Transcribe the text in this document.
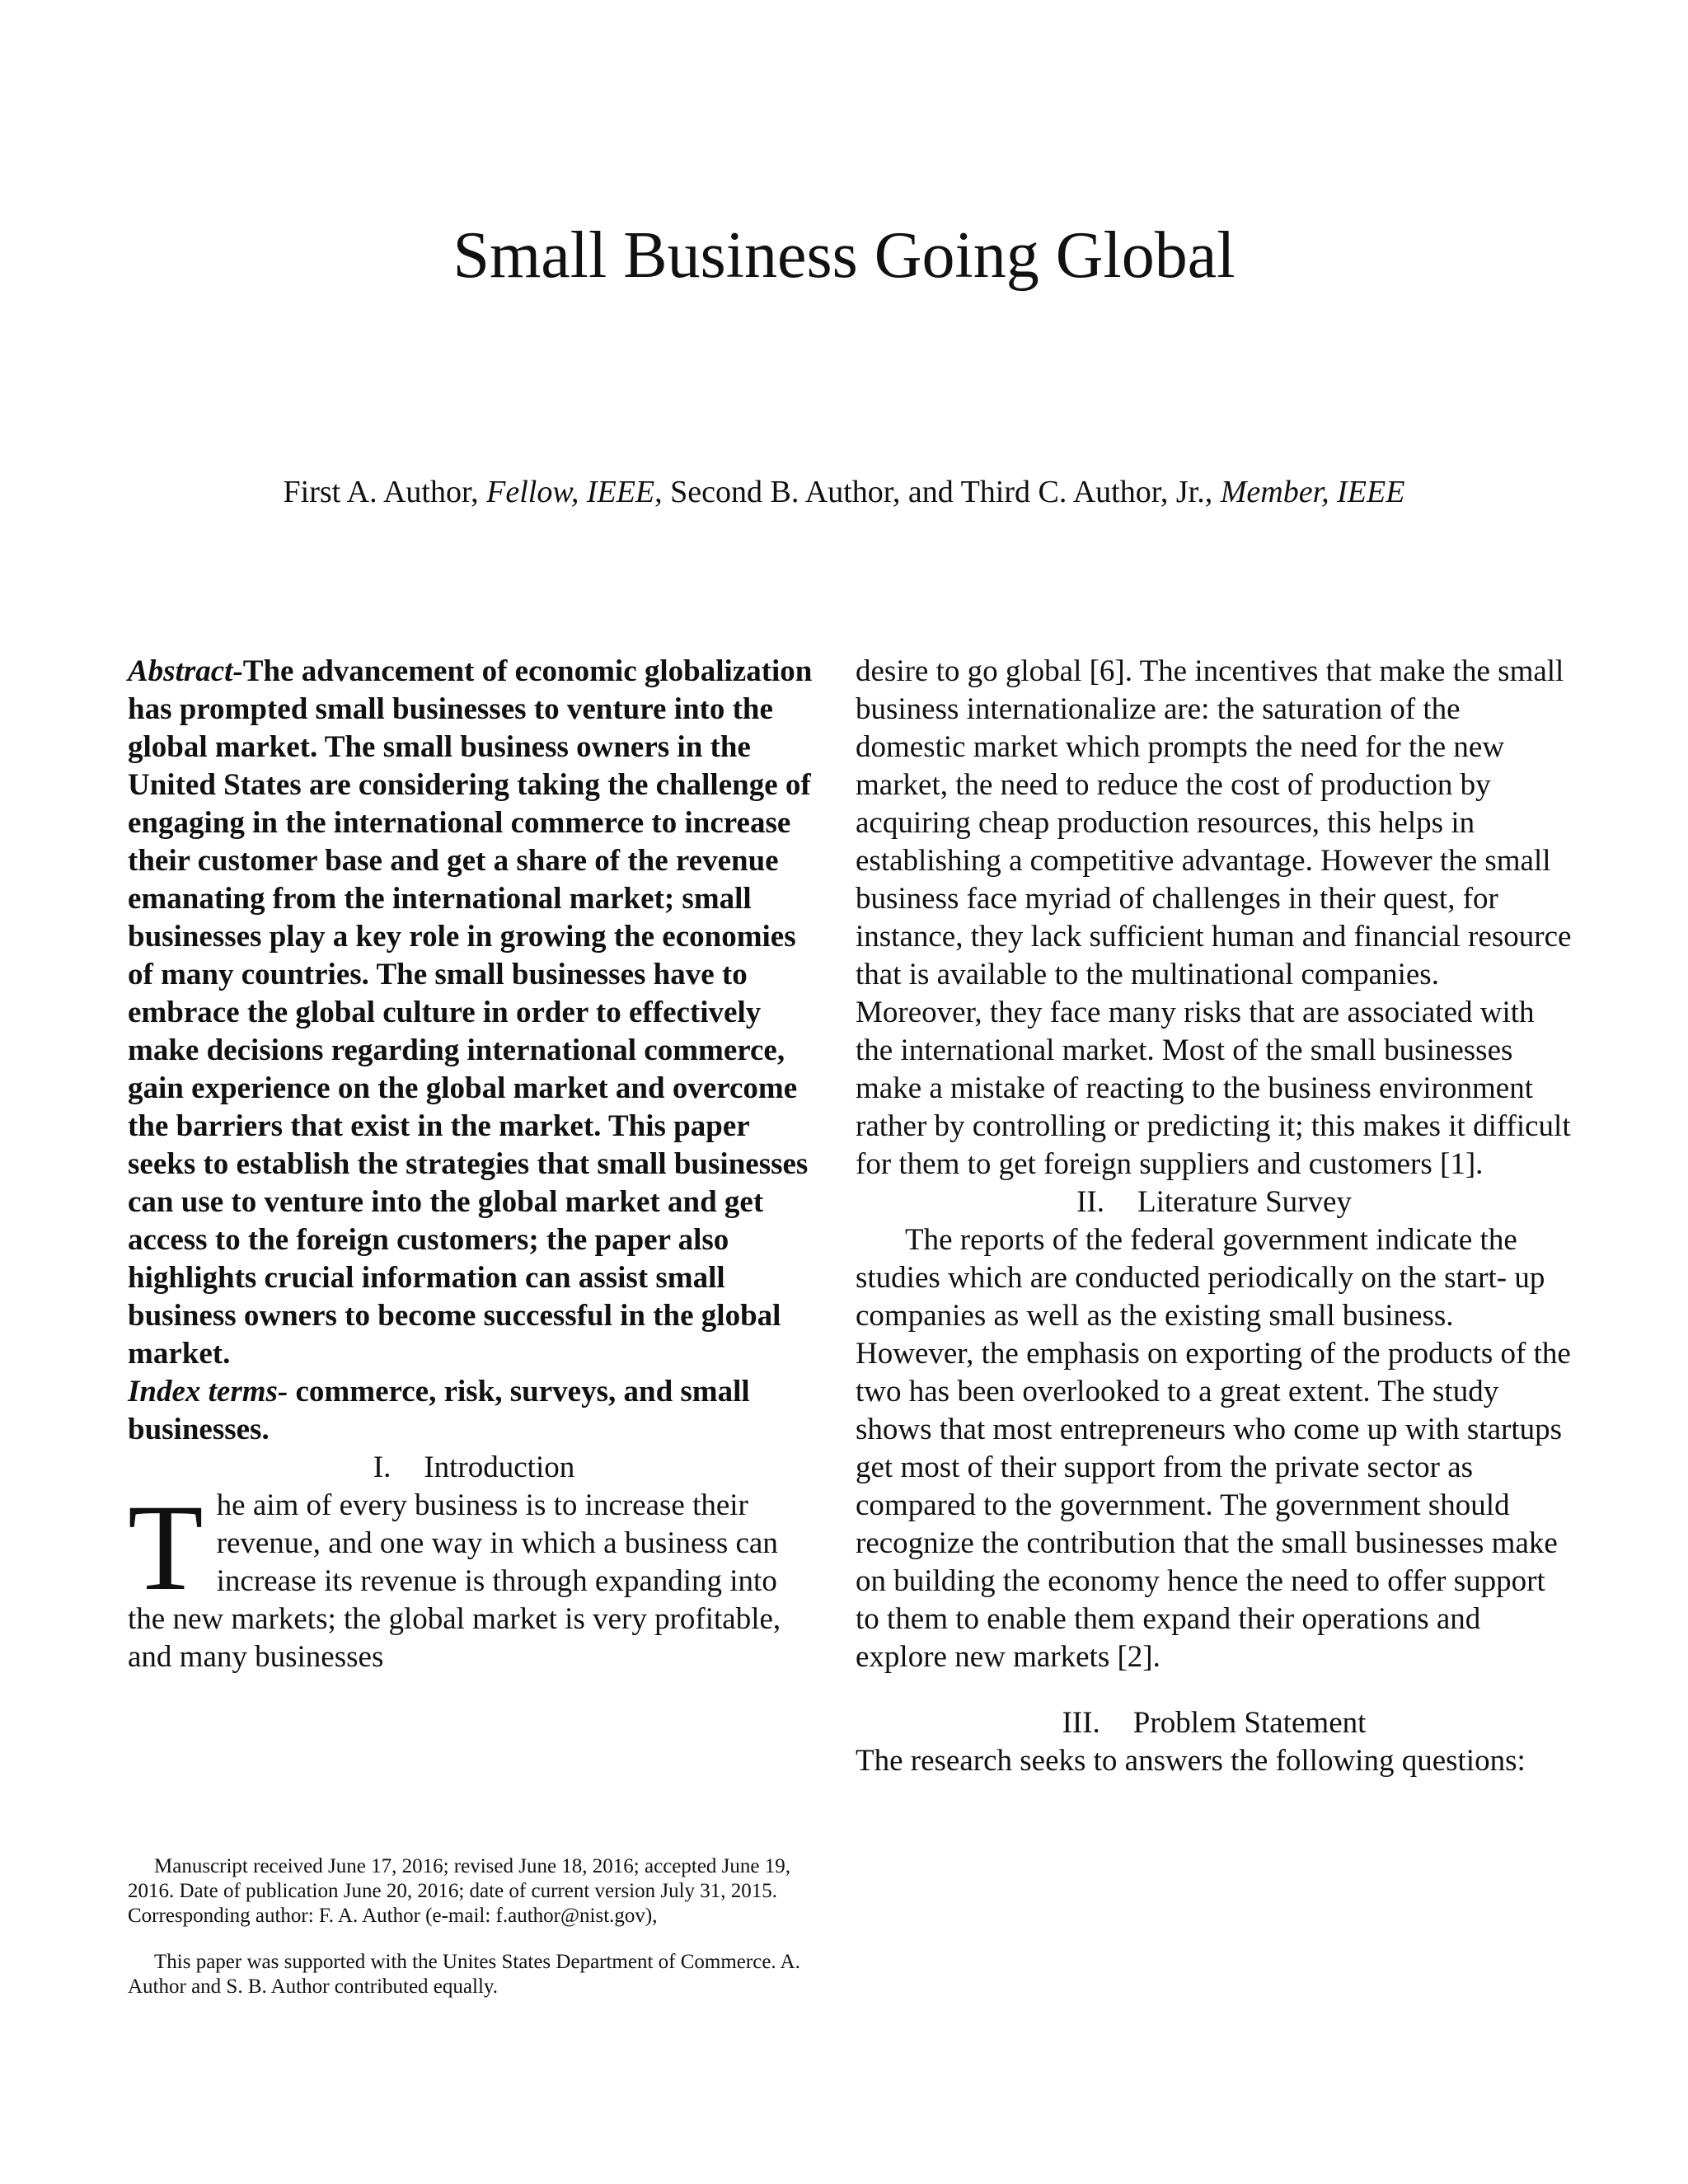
Small Business Going Global
First A. Author, Fellow, IEEE, Second B. Author, and Third C. Author, Jr., Member, IEEE

Abstract-The advancement of economic globalization has prompted small businesses to venture into the global market. The small business owners in the United States are considering taking the challenge of engaging in the international commerce to increase their customer base and get a share of the revenue emanating from the international market; small businesses play a key role in growing the economies of many countries. The small businesses have to embrace the global culture in order to effectively make decisions regarding international commerce, gain experience on the global market and overcome the barriers that exist in the market. This paper seeks to establish the strategies that small businesses can use to venture into the global market and get access to the foreign customers; the paper also highlights crucial information can assist small business owners to become successful in the global market.

Index terms- commerce, risk, surveys, and small businesses.

I. Introduction

The aim of every business is to increase their revenue, and one way in which a business can increase its revenue is through expanding into the new markets; the global market is very profitable, and many businesses

Manuscript received June 17, 2016; revised June 18, 2016; accepted June 19, 2016. Date of publication June 20, 2016; date of current version July 31, 2015. Corresponding author: F. A. Author (e-mail: f.author@nist.gov),

This paper was supported with the Unites States Department of Commerce. A. Author and S. B. Author contributed equally.

desire to go global [6]. The incentives that make the small business internationalize are: the saturation of the domestic market which prompts the need for the new market, the need to reduce the cost of production by acquiring cheap production resources, this helps in establishing a competitive advantage. However the small business face myriad of challenges in their quest, for instance, they lack sufficient human and financial resource that is available to the multinational companies. Moreover, they face many risks that are associated with the international market. Most of the small businesses make a mistake of reacting to the business environment rather by controlling or predicting it; this makes it difficult for them to get foreign suppliers and customers [1].

II. Literature Survey

The reports of the federal government indicate the studies which are conducted periodically on the start- up companies as well as the existing small business. However, the emphasis on exporting of the products of the two has been overlooked to a great extent. The study shows that most entrepreneurs who come up with startups get most of their support from the private sector as compared to the government. The government should recognize the contribution that the small businesses make on building the economy hence the need to offer support to them to enable them expand their operations and explore new markets [2].

III. Problem Statement

The research seeks to answers the following questions:
